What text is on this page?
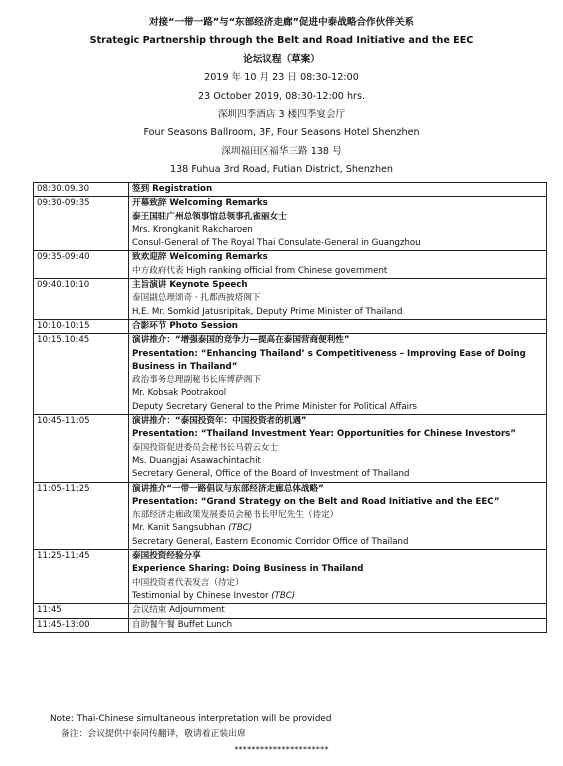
对接“一带一路”与“东部经济走廊”促进中泰战略合作伙伴关系
Strategic Partnership through the Belt and Road Initiative and the EEC
论坛议程（草案）
2019 年 10 月 23 日 08:30-12:00
23 October 2019, 08:30-12:00 hrs.
深圳四季酒店 3 楼四季宴会厅
Four Seasons Ballroom, 3F, Four Seasons Hotel Shenzhen
深圳福田区福华三路 138 号
138 Fuhua 3rd Road, Futian District, Shenzhen
08:30.09.30	签到 Registration

09:30-09:35	开幕致辞 Welcoming Remarks
泰王国驻广州总领事馆总领事孔雀丽女士
Mrs. Krongkanit Rakcharoen
Consul-General of The Royal Thai Consulate-General in Guangzhou

09:35-09:40	致欢迎辞 Welcoming Remarks
中方政府代表 High ranking official from Chinese government

09:40.10:10	主旨演讲 Keynote Speech
泰国副总理颂奇 · 扎都西披塔阁下
H.E. Mr. Somkid Jatusripitak, Deputy Prime Minister of Thailand

10:10-10:15	合影环节 Photo Session

10:15.10:45	演讲推介：“增强泰国的竞争力—提高在泰国营商便利性”
Presentation: “Enhancing Thailand’ s Competitiveness – Improving Ease of Doing Business in Thailand”
政治事务总理副秘书长库博萨阁下
Mr. Kobsak Pootrakool
Deputy Secretary General to the Prime Minister for Political Affairs

10:45-11:05	演讲推介：“泰国投资年：中国投资者的机遇”
Presentation: “Thailand Investment Year: Opportunities for Chinese Investors”
泰国投资促进委员会秘书长马碧云女士
Ms. Duangjai Asawachintachit
Secretary General, Office of the Board of Investment of Thailand

11:05-11:25	演讲推介“一带一路倡议与东部经济走廊总体战略”
Presentation: “Grand Strategy on the Belt and Road Initiative and the EEC”
东部经济走廊政策发展委员会秘书长甲尼先生（待定）
Mr. Kanit Sangsubhan (TBC)
Secretary General, Eastern Economic Corridor Office of Thailand

11:25-11:45	泰国投资经验分享
Experience Sharing: Doing Business in Thailand
中国投资者代表发言（待定）
Testimonial by Chinese Investor (TBC)

11:45	会议结束 Adjournment

11:45-13:00	自助餐午餐 Buffet Lunch
Note: Thai-Chinese simultaneous interpretation will be provided
备注：会议提供中泰同传翻译，敬请着正装出席
**********************
